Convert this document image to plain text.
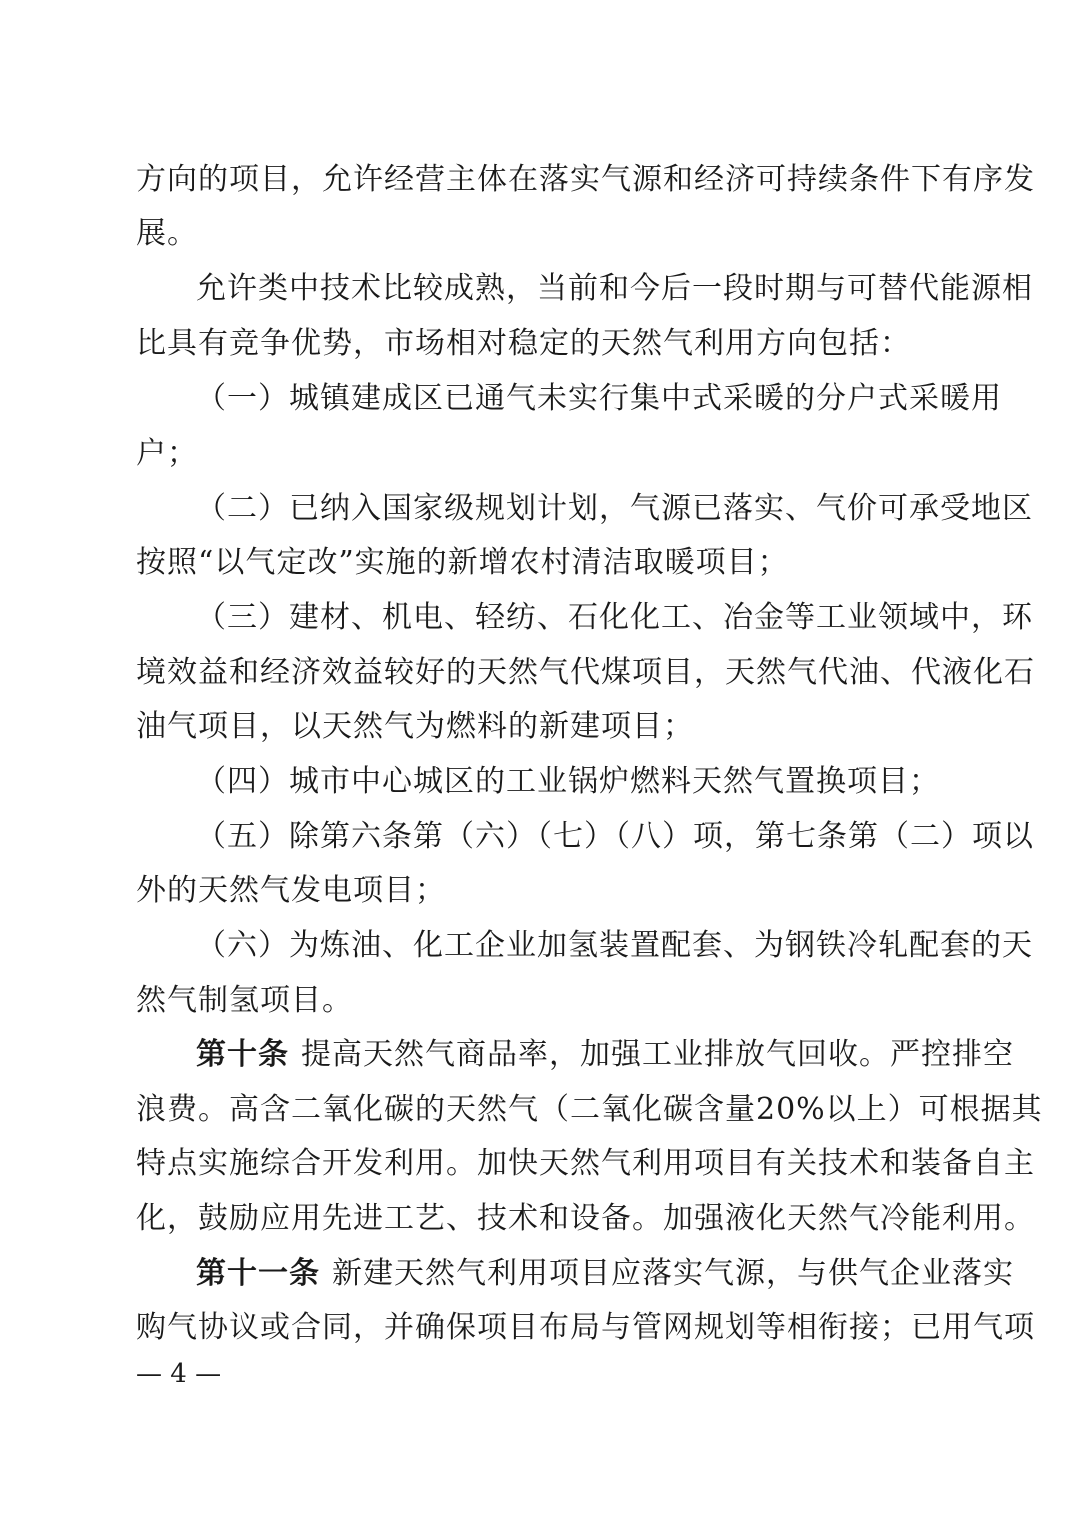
方向的项目，允许经营主体在落实气源和经济可持续条件下有序发
展。
允许类中技术比较成熟，当前和今后一段时期与可替代能源相
比具有竞争优势，市场相对稳定的天然气利用方向包括：
（一）城镇建成区已通气未实行集中式采暖的分户式采暖用
户；
（二）已纳入国家级规划计划，气源已落实、气价可承受地区
按照“以气定改”实施的新增农村清洁取暖项目；
（三）建材、机电、轻纺、石化化工、冶金等工业领域中，环
境效益和经济效益较好的天然气代煤项目，天然气代油、代液化石
油气项目，以天然气为燃料的新建项目；
（四）城市中心城区的工业锅炉燃料天然气置换项目；
（五）除第六条第（六）（七）（八）项，第七条第（二）项以
外的天然气发电项目；
（六）为炼油、化工企业加氢装置配套、为钢铁冷轧配套的天
然气制氢项目。
第十条 提高天然气商品率，加强工业排放气回收。严控排空
浪费。高含二氧化碳的天然气（二氧化碳含量20%以上）可根据其
特点实施综合开发利用。加快天然气利用项目有关技术和装备自主
化，鼓励应用先进工艺、技术和设备。加强液化天然气冷能利用。
第十一条 新建天然气利用项目应落实气源，与供气企业落实
购气协议或合同，并确保项目布局与管网规划等相衔接；已用气项
— 4 —
